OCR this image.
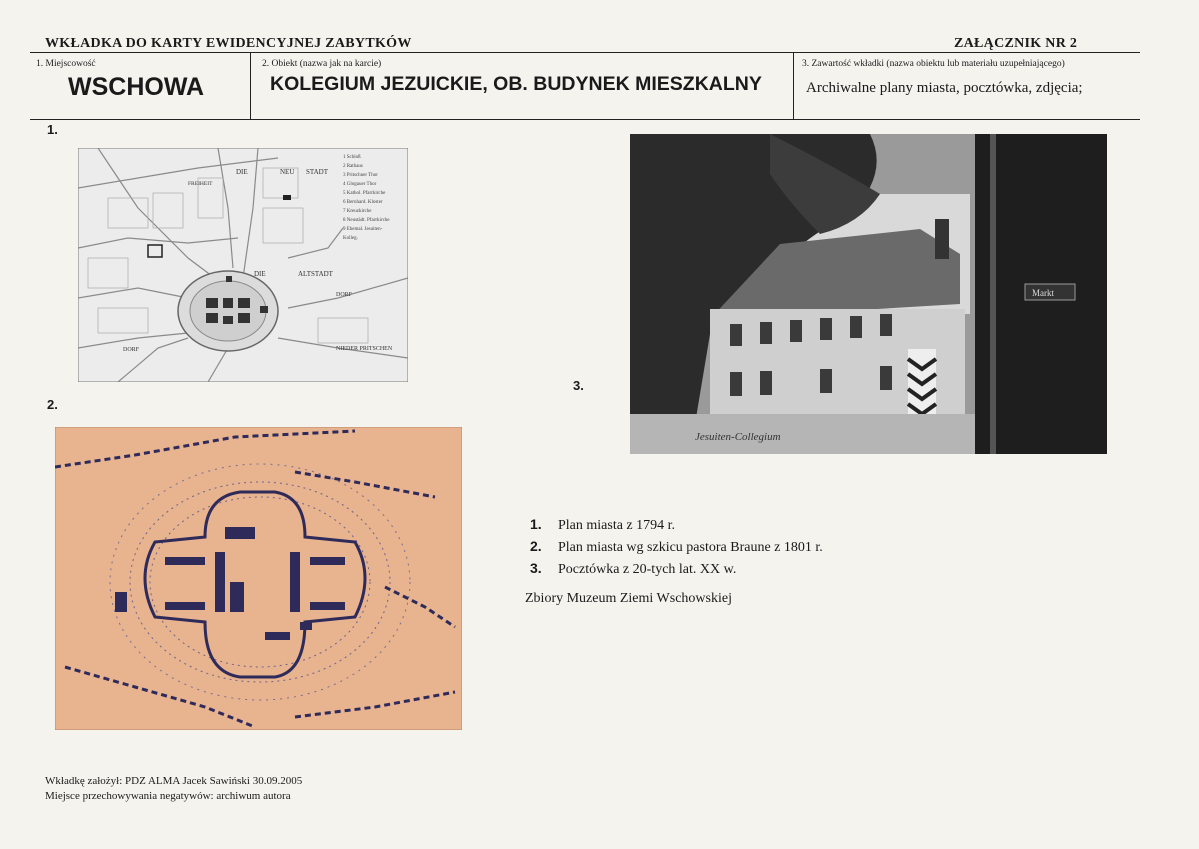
WKŁADKA DO KARTY EWIDENCYJNEJ ZABYTKÓW	ZAŁĄCZNIK NR 2
1. Miejscowość
WSCHOWA
2. Obiekt (nazwa jak na karcie)
KOLEGIUM JEZUICKIE, OB. BUDYNEK MIESZKALNY
3. Zawartość wkładki (nazwa obiektu lub materiału uzupełniającego)
Archiwalne plany miasta, pocztówka, zdjęcia;
1.
2.
3.
DIE	NEU STADT
FREIHEIT
DIE	ALTSTADT
DORF
DORF	NIEDER PRITSCHEN
1 Schloß
2 Rathaus
3 Pritschner Thor
4 Glogauer Thor
5 Kathol. Pfarrkirche
6 Bernhard. Kloster
7 Kreuzkirche
8 Neustädt. Pfarrkirche
9 Ehemal. Jesuiten-
Kolleg.
Markt
Jesuiten-Collegium
1. Plan miasta z 1794 r.
2. Plan miasta wg szkicu pastora Braune z 1801 r.
3. Pocztówka z 20-tych lat. XX w.
Zbiory Muzeum Ziemi Wschowskiej
Wkładkę założył: PDZ ALMA Jacek Sawiński 30.09.2005
Miejsce przechowywania negatywów: archiwum autora
